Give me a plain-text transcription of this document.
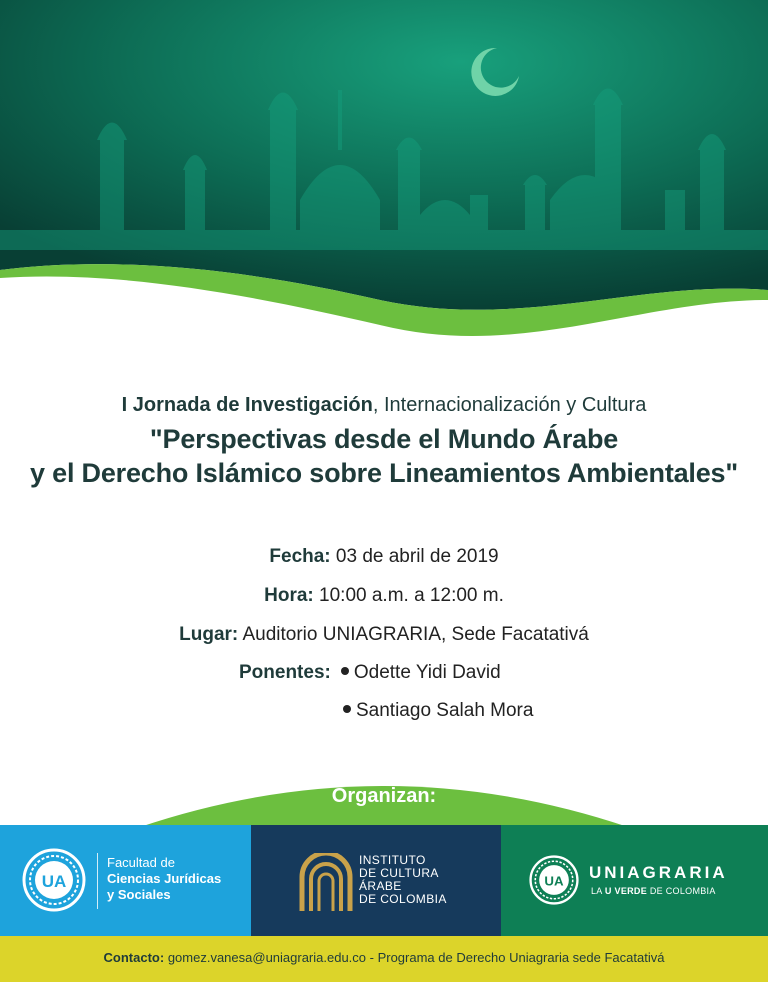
I Jornada de Investigación, Internacionalización y Cultura
"Perspectivas desde el Mundo Árabe
y el Derecho Islámico sobre Lineamientos Ambientales"
Fecha: 03 de abril de 2019
Hora: 10:00 a.m. a 12:00 m.
Lugar: Auditorio UNIAGRARIA, Sede Facatativá
Ponentes: Odette Yidi David
Santiago Salah Mora
Organizan:
UA
Facultad de
Ciencias Jurídicas
y Sociales
INSTITUTO
DE CULTURA
ÁRABE
DE COLOMBIA
UA UNIAGRARIA
LA U VERDE DE COLOMBIA
Contacto: gomez.vanesa@uniagraria.edu.co - Programa de Derecho Uniagraria sede Facatativá
